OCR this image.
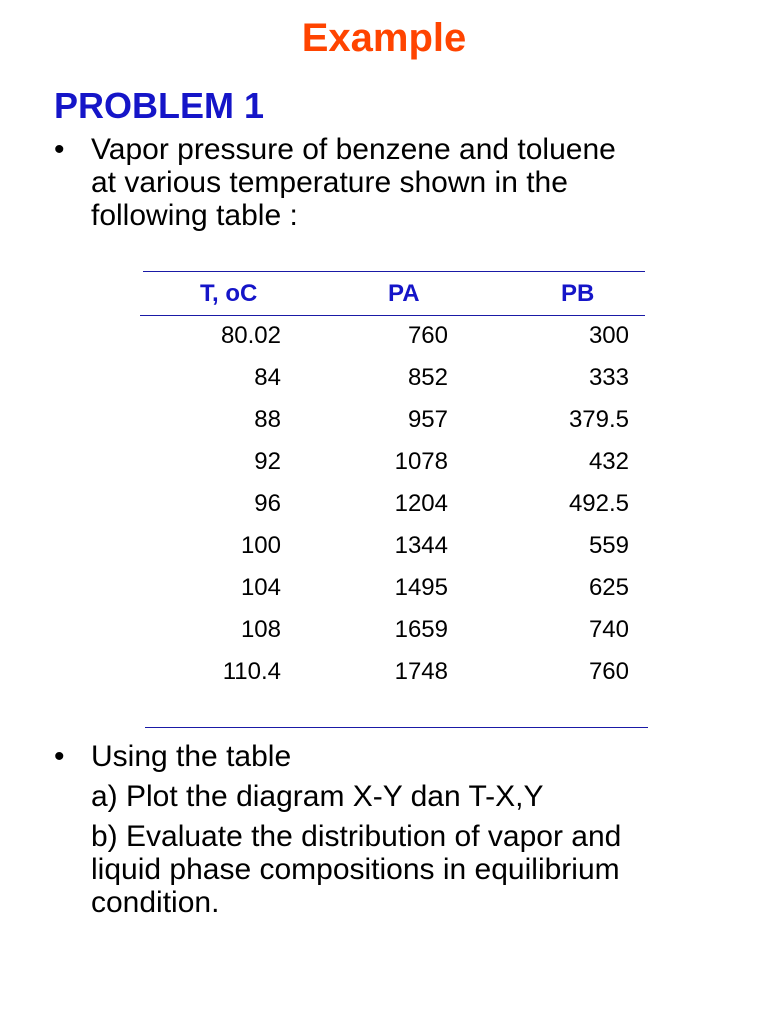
Example
PROBLEM 1
• Vapor pressure of benzene and toluene

at various temperature shown in the

following table :

T, oC	PA	PB
80.02	760	300
84	852	333
88	957	379.5
92	1078	432
96	1204	492.5
100	1344	559
104	1495	625
108	1659	740
110.4	1748	760
• Using the table

a) Plot the diagram X-Y dan T-X,Y

b) Evaluate the distribution of vapor and

liquid phase compositions in equilibrium

condition.
